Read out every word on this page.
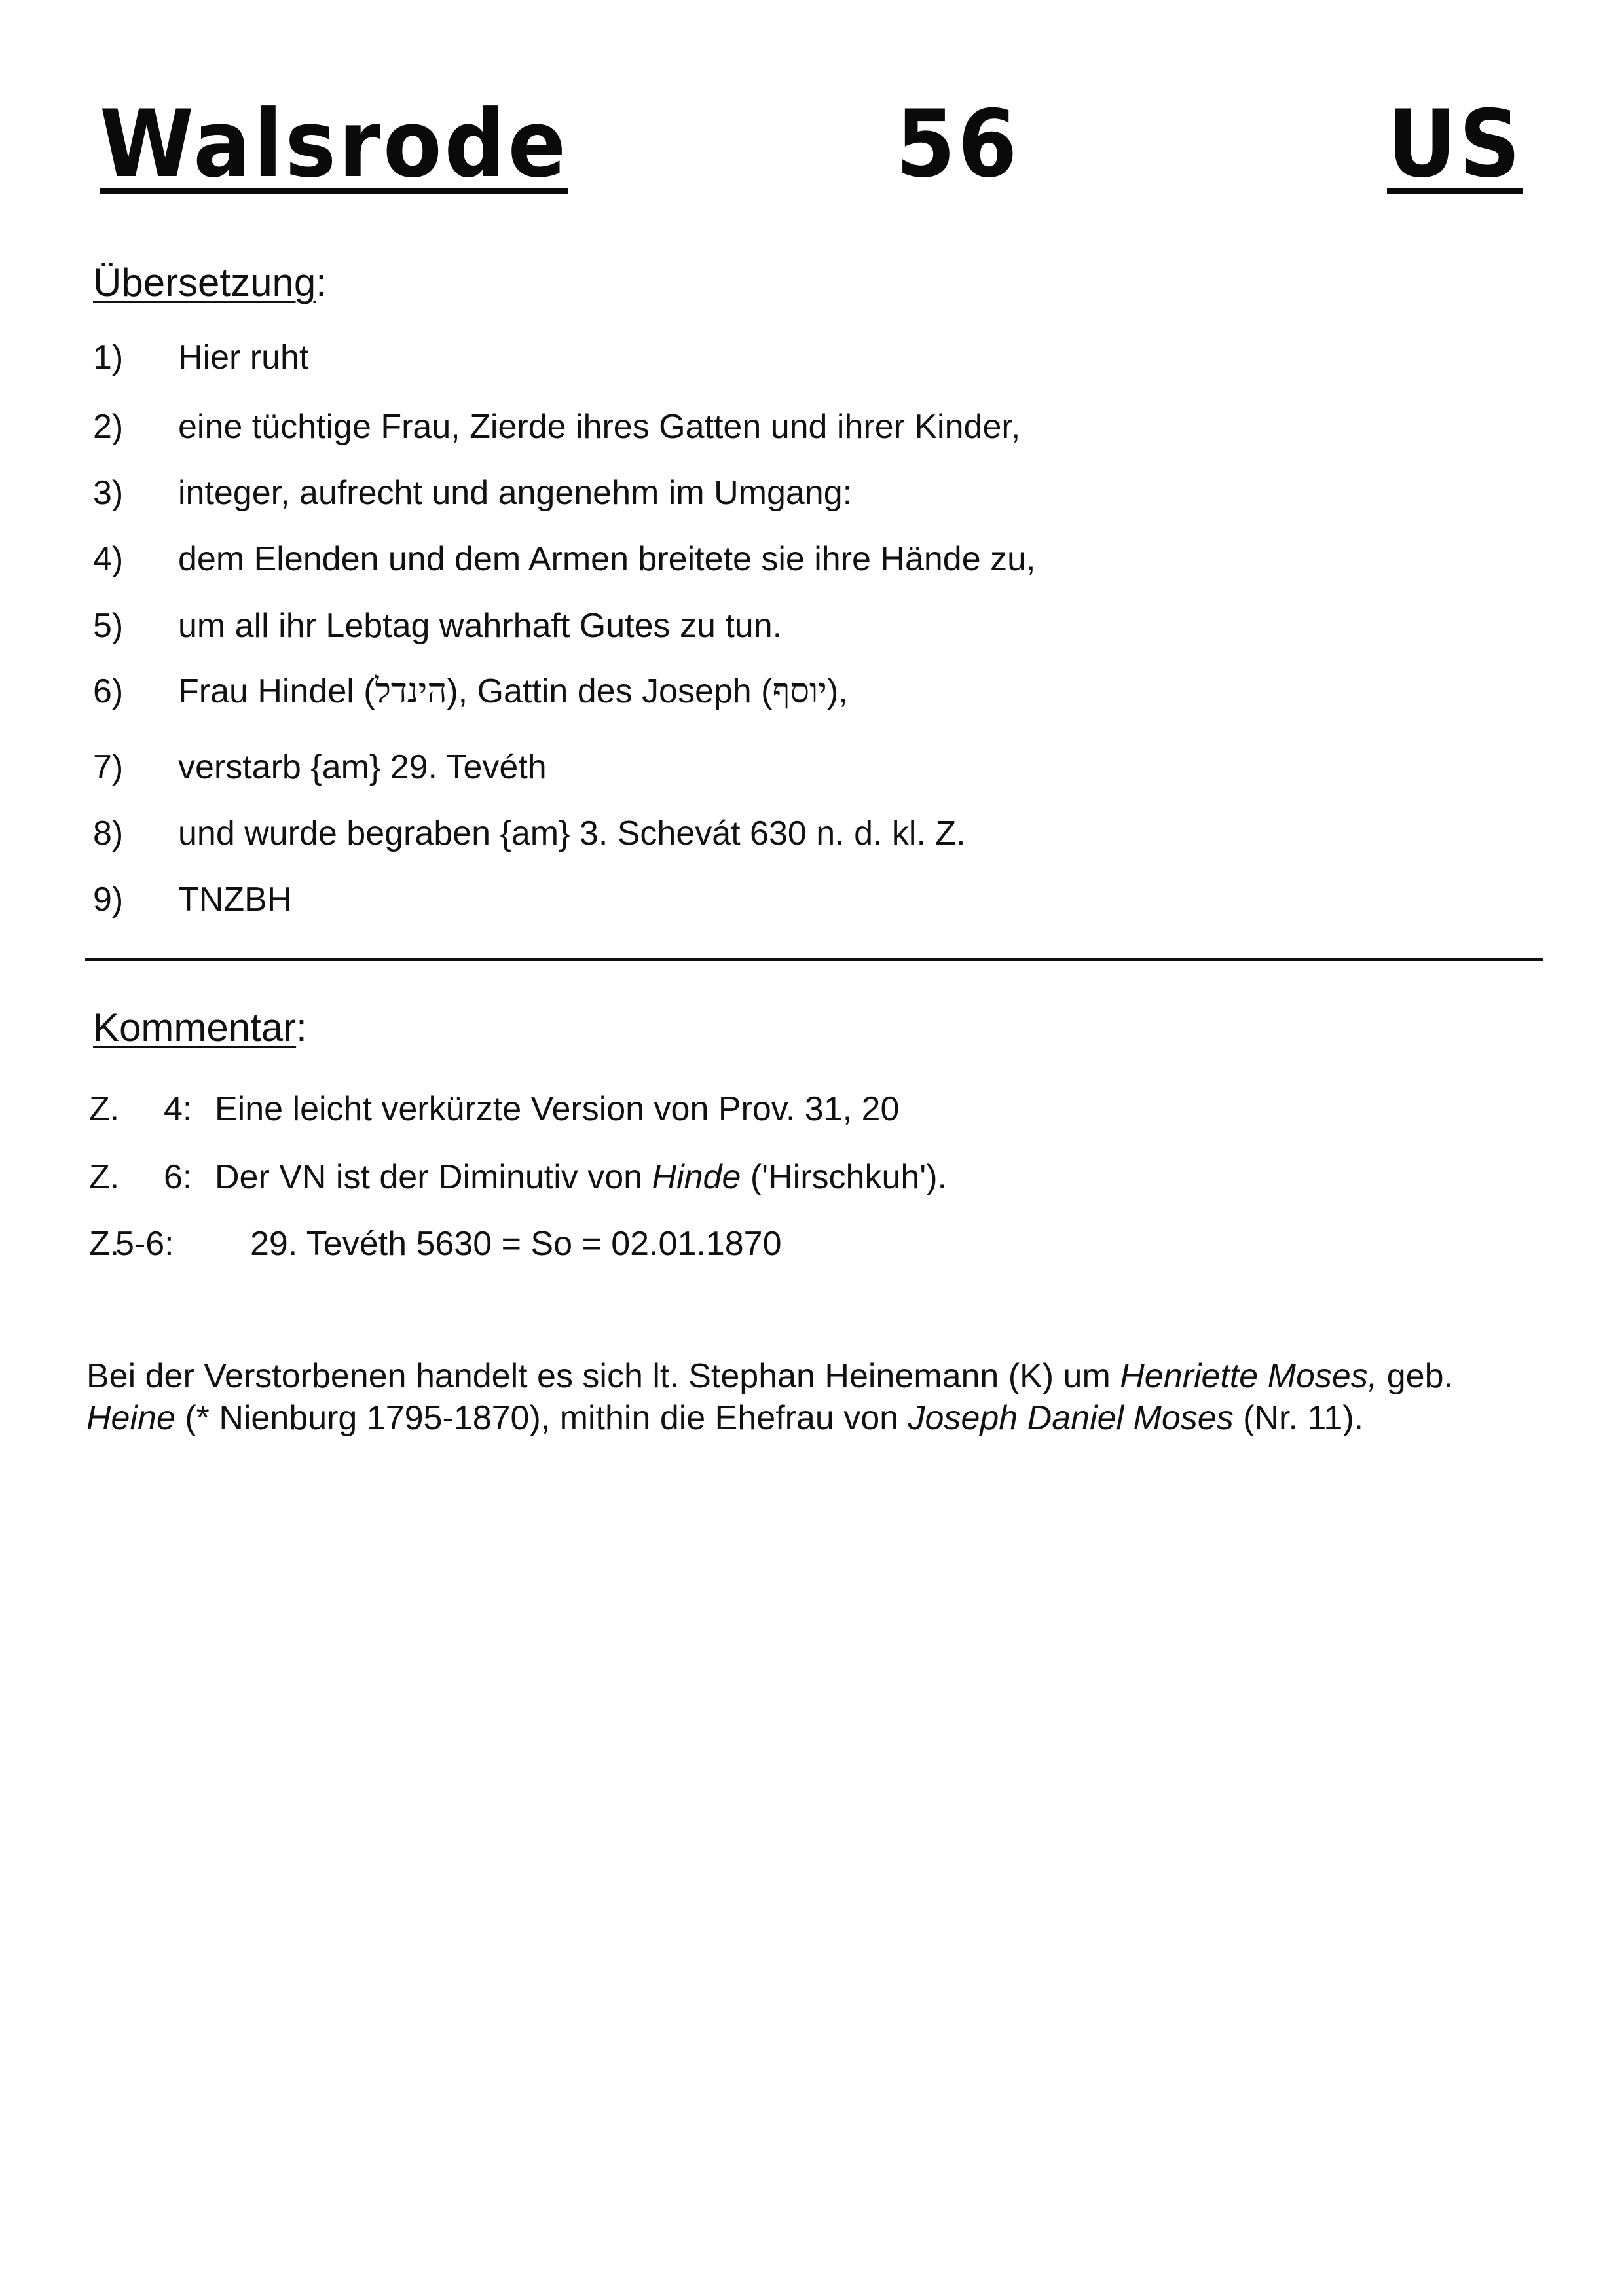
Walsrode	56	US
Übersetzung:
1) Hier ruht
2) eine tüchtige Frau, Zierde ihres Gatten und ihrer Kinder,
3) integer, aufrecht und angenehm im Umgang:
4) dem Elenden und dem Armen breitete sie ihre Hände zu,
5) um all ihr Lebtag wahrhaft Gutes zu tun.
6) Frau Hindel (הינדל), Gattin des Joseph (יוסף),
7) verstarb {am} 29. Tevéth
8) und wurde begraben {am} 3. Schevát 630 n. d. kl. Z.
9) TNZBH
Kommentar:
Z. 4: Eine leicht verkürzte Version von Prov. 31, 20
Z. 6: Der VN ist der Diminutiv von Hinde ('Hirschkuh').
Z.5-6: 29. Tevéth 5630 = So = 02.01.1870
Bei der Verstorbenen handelt es sich lt. Stephan Heinemann (K) um Henriette Moses, geb. Heine (* Nienburg 1795-1870), mithin die Ehefrau von Joseph Daniel Moses (Nr. 11).
